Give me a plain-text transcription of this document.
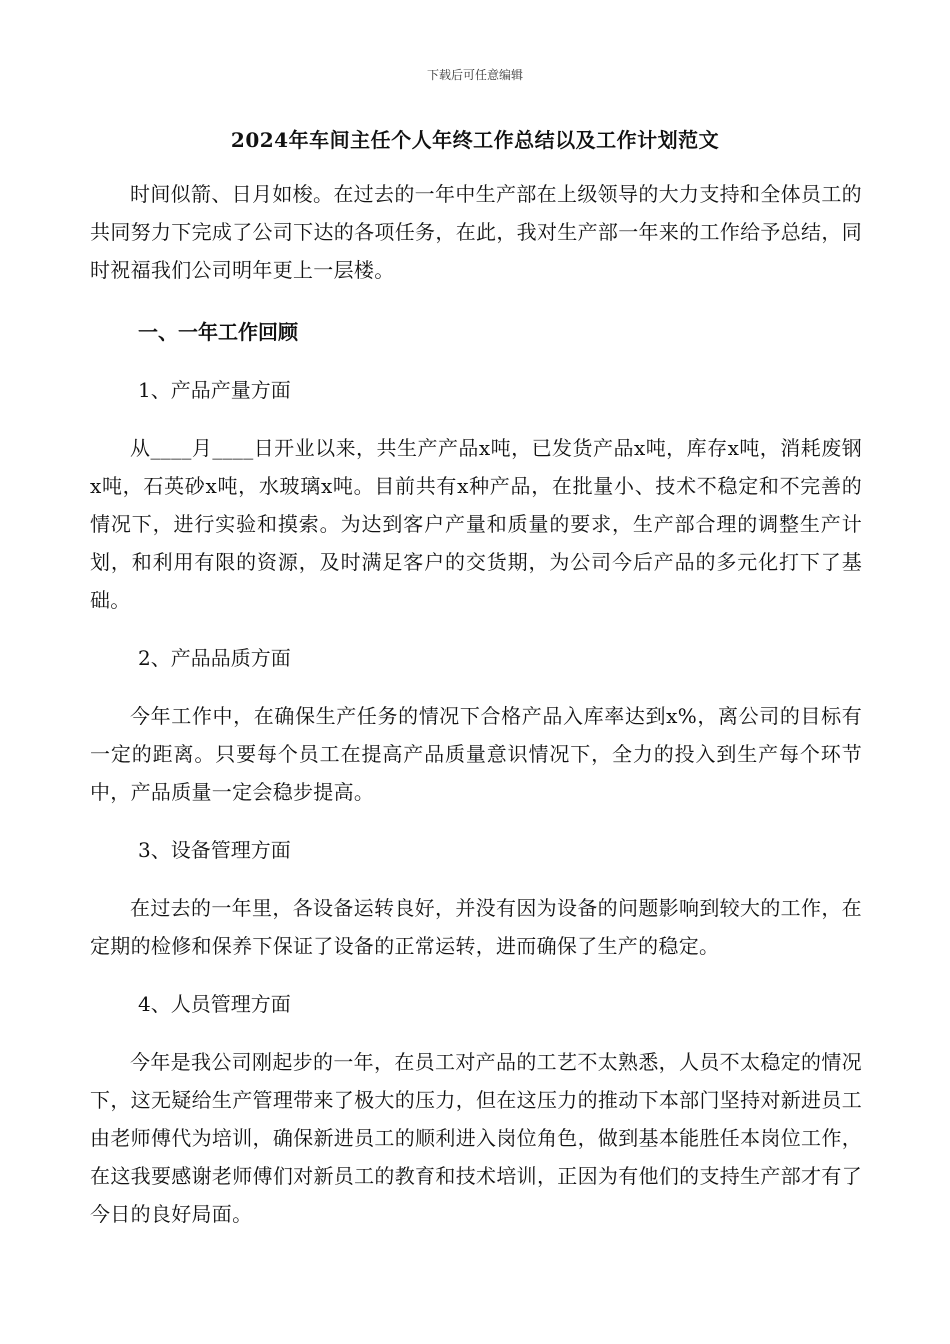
下载后可任意编辑
2024年车间主任个人年终工作总结以及工作计划范文

时间似箭、日月如梭。在过去的一年中生产部在上级领导的大力支持和全体员工的共同努力下完成了公司下达的各项任务，在此，我对生产部一年来的工作给予总结，同时祝福我们公司明年更上一层楼。

一、一年工作回顾
1、产品产量方面

从____月____日开业以来，共生产产品x吨，已发货产品x吨，库存x吨，消耗废钢x吨，石英砂x吨，水玻璃x吨。目前共有x种产品，在批量小、技术不稳定和不完善的情况下，进行实验和摸索。为达到客户产量和质量的要求，生产部合理的调整生产计划，和利用有限的资源，及时满足客户的交货期，为公司今后产品的多元化打下了基础。

2、产品品质方面

今年工作中，在确保生产任务的情况下合格产品入库率达到x%，离公司的目标有一定的距离。只要每个员工在提高产品质量意识情况下，全力的投入到生产每个环节中，产品质量一定会稳步提高。

3、设备管理方面

在过去的一年里，各设备运转良好，并没有因为设备的问题影响到较大的工作，在定期的检修和保养下保证了设备的正常运转，进而确保了生产的稳定。

4、人员管理方面

今年是我公司刚起步的一年，在员工对产品的工艺不太熟悉，人员不太稳定的情况下，这无疑给生产管理带来了极大的压力，但在这压力的推动下本部门坚持对新进员工由老师傅代为培训，确保新进员工的顺利进入岗位角色，做到基本能胜任本岗位工作，在这我要感谢老师傅们对新员工的教育和技术培训，正因为有他们的支持生产部才有了今日的良好局面。
